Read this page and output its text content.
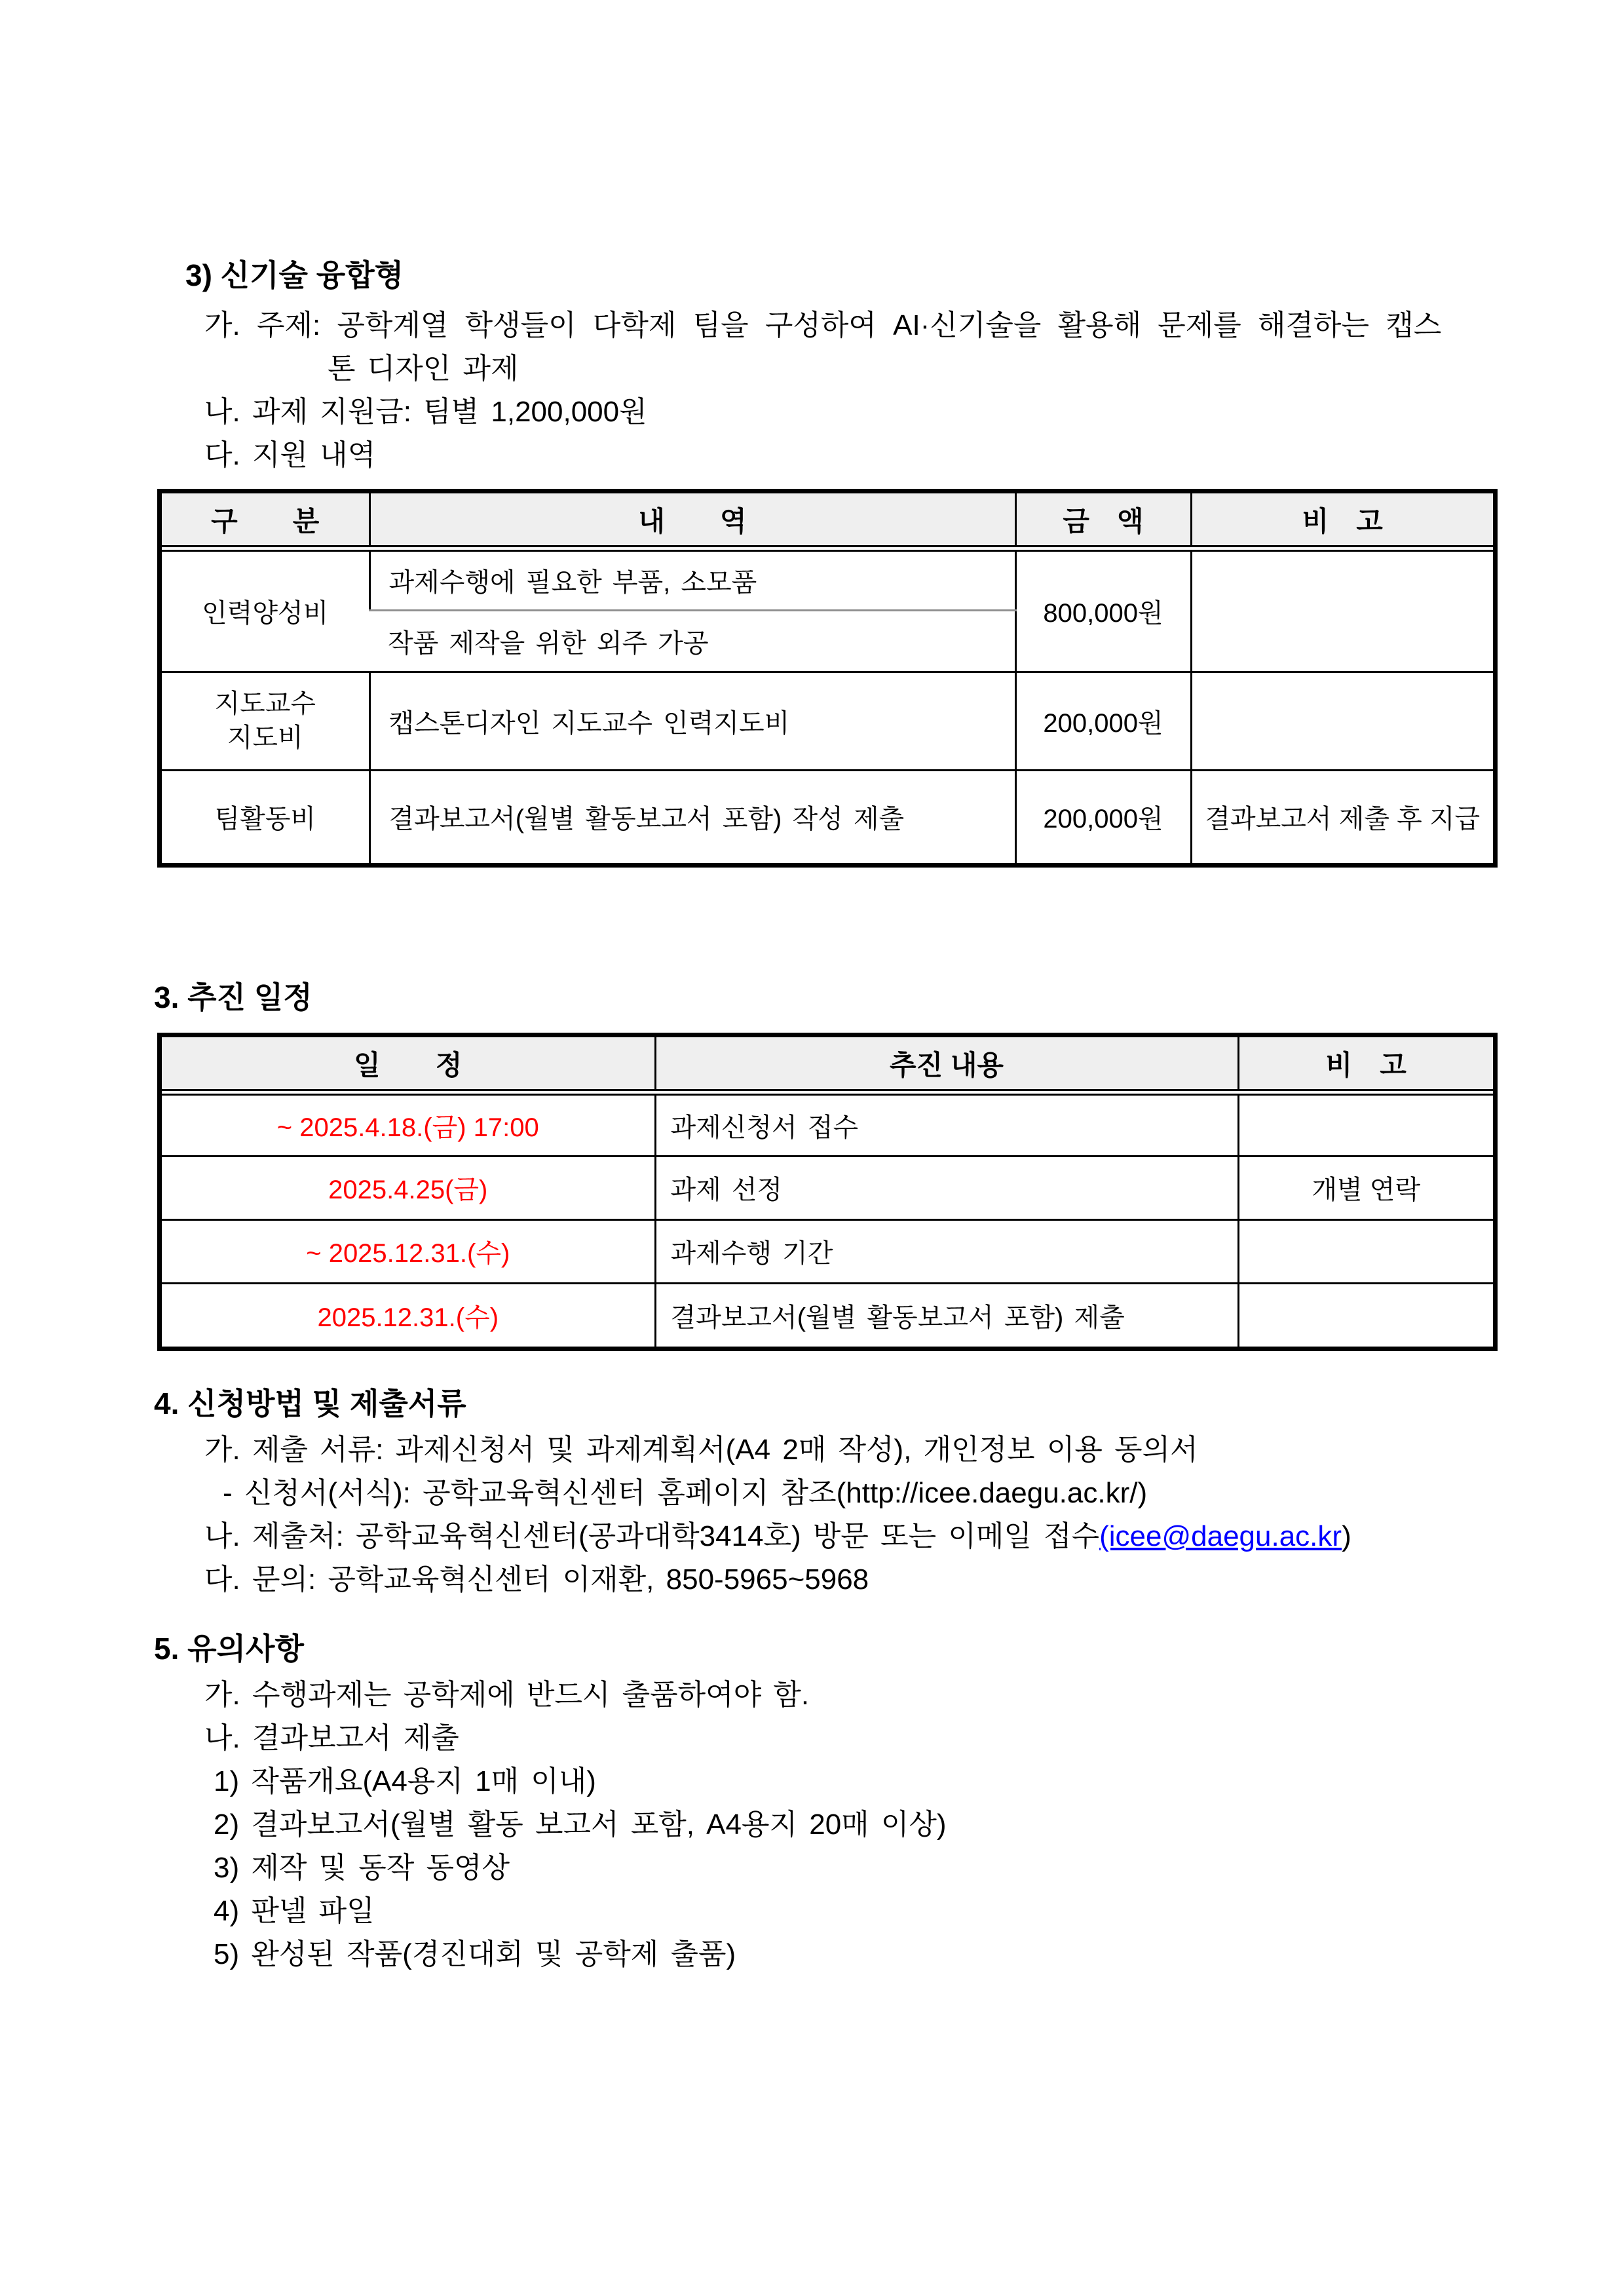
3) 신기술 융합형
가. 주제: 공학계열 학생들이 다학제 팀을 구성하여 AI·신기술을 활용해 문제를 해결하는 캡스
톤 디자인 과제
나. 과제 지원금: 팀별 1,200,000원
다. 지원 내역
구　　분	내　　역	금　액	비　고
인력양성비	과제수행에 필요한 부품, 소모품	800,000원	
	작품 제작을 위한 외주 가공		

지도교수
지도비	캡스톤디자인 지도교수 인력지도비	200,000원	
팀활동비	결과보고서(월별 활동보고서 포함) 작성 제출	200,000원	결과보고서 제출 후 지급
3. 추진 일정
일　　정	추진 내용	비　고
~ 2025.4.18.(금) 17:00	과제신청서 접수	
2025.4.25(금)	과제 선정	개별 연락
~ 2025.12.31.(수)	과제수행 기간	
2025.12.31.(수)	결과보고서(월별 활동보고서 포함) 제출	
4. 신청방법 및 제출서류
가. 제출 서류: 과제신청서 및 과제계획서(A4 2매 작성), 개인정보 이용 동의서
- 신청서(서식): 공학교육혁신센터 홈페이지 참조(http://icee.daegu.ac.kr/)
나. 제출처: 공학교육혁신센터(공과대학3414호) 방문 또는 이메일 접수(icee@daegu.ac.kr)
다. 문의: 공학교육혁신센터 이재환, 850-5965~5968
5. 유의사항
가. 수행과제는 공학제에 반드시 출품하여야 함.
나. 결과보고서 제출
1) 작품개요(A4용지 1매 이내)
2) 결과보고서(월별 활동 보고서 포함, A4용지 20매 이상)
3) 제작 및 동작 동영상
4) 판넬 파일
5) 완성된 작품(경진대회 및 공학제 출품)
